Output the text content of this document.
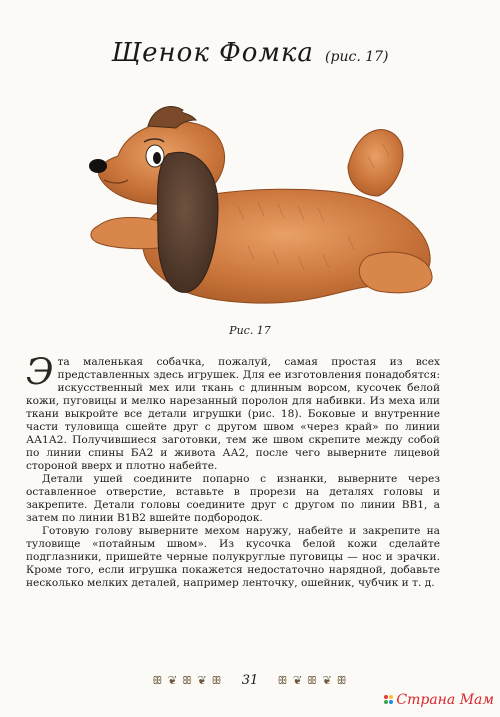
Щенок Фомка (рис. 17)
Рис. 17

Эта маленькая собачка, пожалуй, самая простая из всех представленных здесь игрушек. Для ее изготовления понадобятся: искусственный мех или ткань с длинным ворсом, кусочек белой кожи, пуговицы и мелко нарезанный поролон для набивки. Из меха или ткани выкройте все детали игрушки (рис. 18). Боковые и внутренние части туловища сшейте друг с другом швом «через край» по линии АА1А2. Получившиеся заготовки, тем же швом скрепите между собой по линии спины БА2 и живота АА2, после чего выверните лицевой стороной вверх и плотно набейте.

Детали ушей соедините попарно с изнанки, выверните через оставленное отверстие, вставьте в прорези на деталях головы и закрепите. Детали головы соедините друг с другом по линии ВВ1, а затем по линии В1В2 вшейте подбородок.

Готовую голову выверните мехом наружу, набейте и закрепите на туловище «потайным швом». Из кусочка белой кожи сделайте подглазники, пришейте черные полукруглые пуговицы — нос и зрачки. Кроме того, если игрушка покажется недостаточно нарядной, добавьте несколько мелких деталей, например ленточку, ошейник, чубчик и т. д.

ꕥ ❦ ꕥ ❦ ꕥ 31 ꕥ ❦ ꕥ ❦ ꕥ
Страна Мам
